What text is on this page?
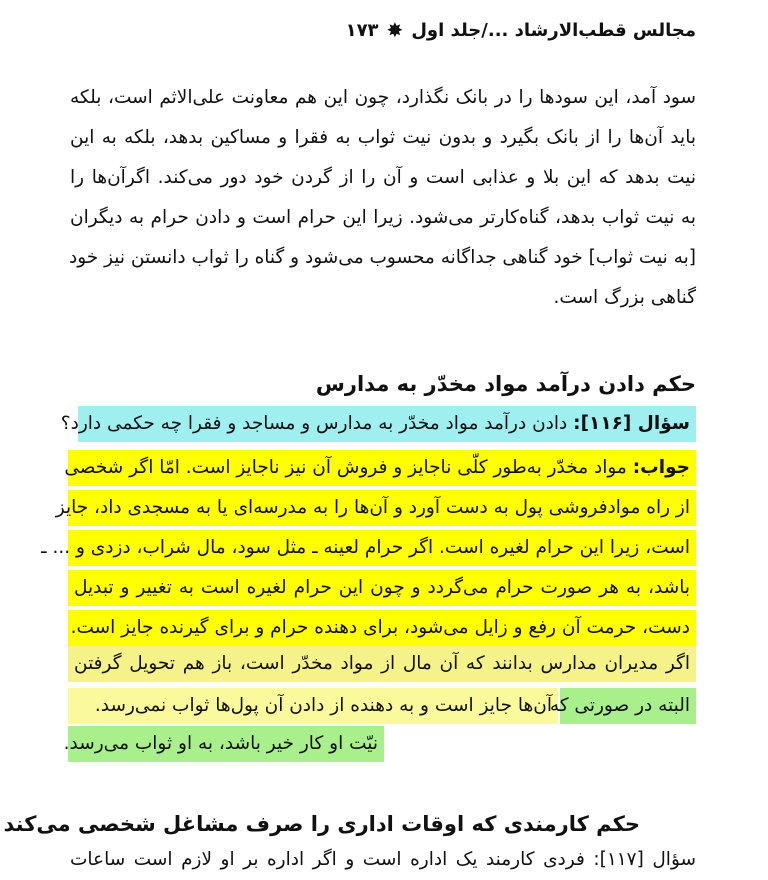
مجالس قطب‌الارشاد ...
/جلد اول
✸
۱۷۳
سود آمد، این سودها را در بانک نگذارد، چون این هم معاونت علی‌الاثم است، بلکه
باید آن‌ها را از بانک بگیرد و بدون نیت ثواب به فقرا و مساکین بدهد، بلکه به این
نیت بدهد که این بلا و عذابی است و آن را از گردن خود دور می‌کند. اگرآن‌ها را
به نیت ثواب بدهد، گناه‌کارتر می‌شود. زیرا این حرام است و دادن حرام به دیگران
[به نیت ثواب] خود گناهی جداگانه محسوب می‌شود و گناه را ثواب دانستن نیز خود
گناهی بزرگ است.
حکم دادن درآمد مواد مخدّر به مدارس
سؤال [۱۱۶]: دادن درآمد مواد مخدّر به مدارس و مساجد و فقرا چه حکمی دارد؟
جواب: مواد مخدّر به‌طور کلّی ناجایز و فروش آن نیز ناجایز است. امّا اگر شخصی
از راه موادفروشی پول به دست آورد و آن‌ها را به مدرسه‌ای یا به مسجدی داد، جایز
است، زیرا این حرام لغیره است. اگر حرام لعینه ـ مثل سود، مال شراب، دزدی و ... ـ
باشد، به هر صورت حرام می‌گردد و چون این حرام لغیره است به تغییر و تبدیل
دست، حرمت آن رفع و زایل می‌شود، برای دهنده حرام و برای گیرنده جایز است.
اگر مدیران مدارس بدانند که آن مال از مواد مخدّر است، باز هم تحویل گرفتن
آن‌ها جایز است و به دهنده از دادن آن پول‌ها ثواب نمی‌رسد.
البته در صورتی که
نیّت او کار خیر باشد، به او ثواب می‌رسد.
حکم کارمندی که اوقات اداری را صرف مشاغل شخصی می‌کند
سؤال [۱۱۷]: فردی کارمند یک اداره است و اگر اداره بر او لازم است ساعات
